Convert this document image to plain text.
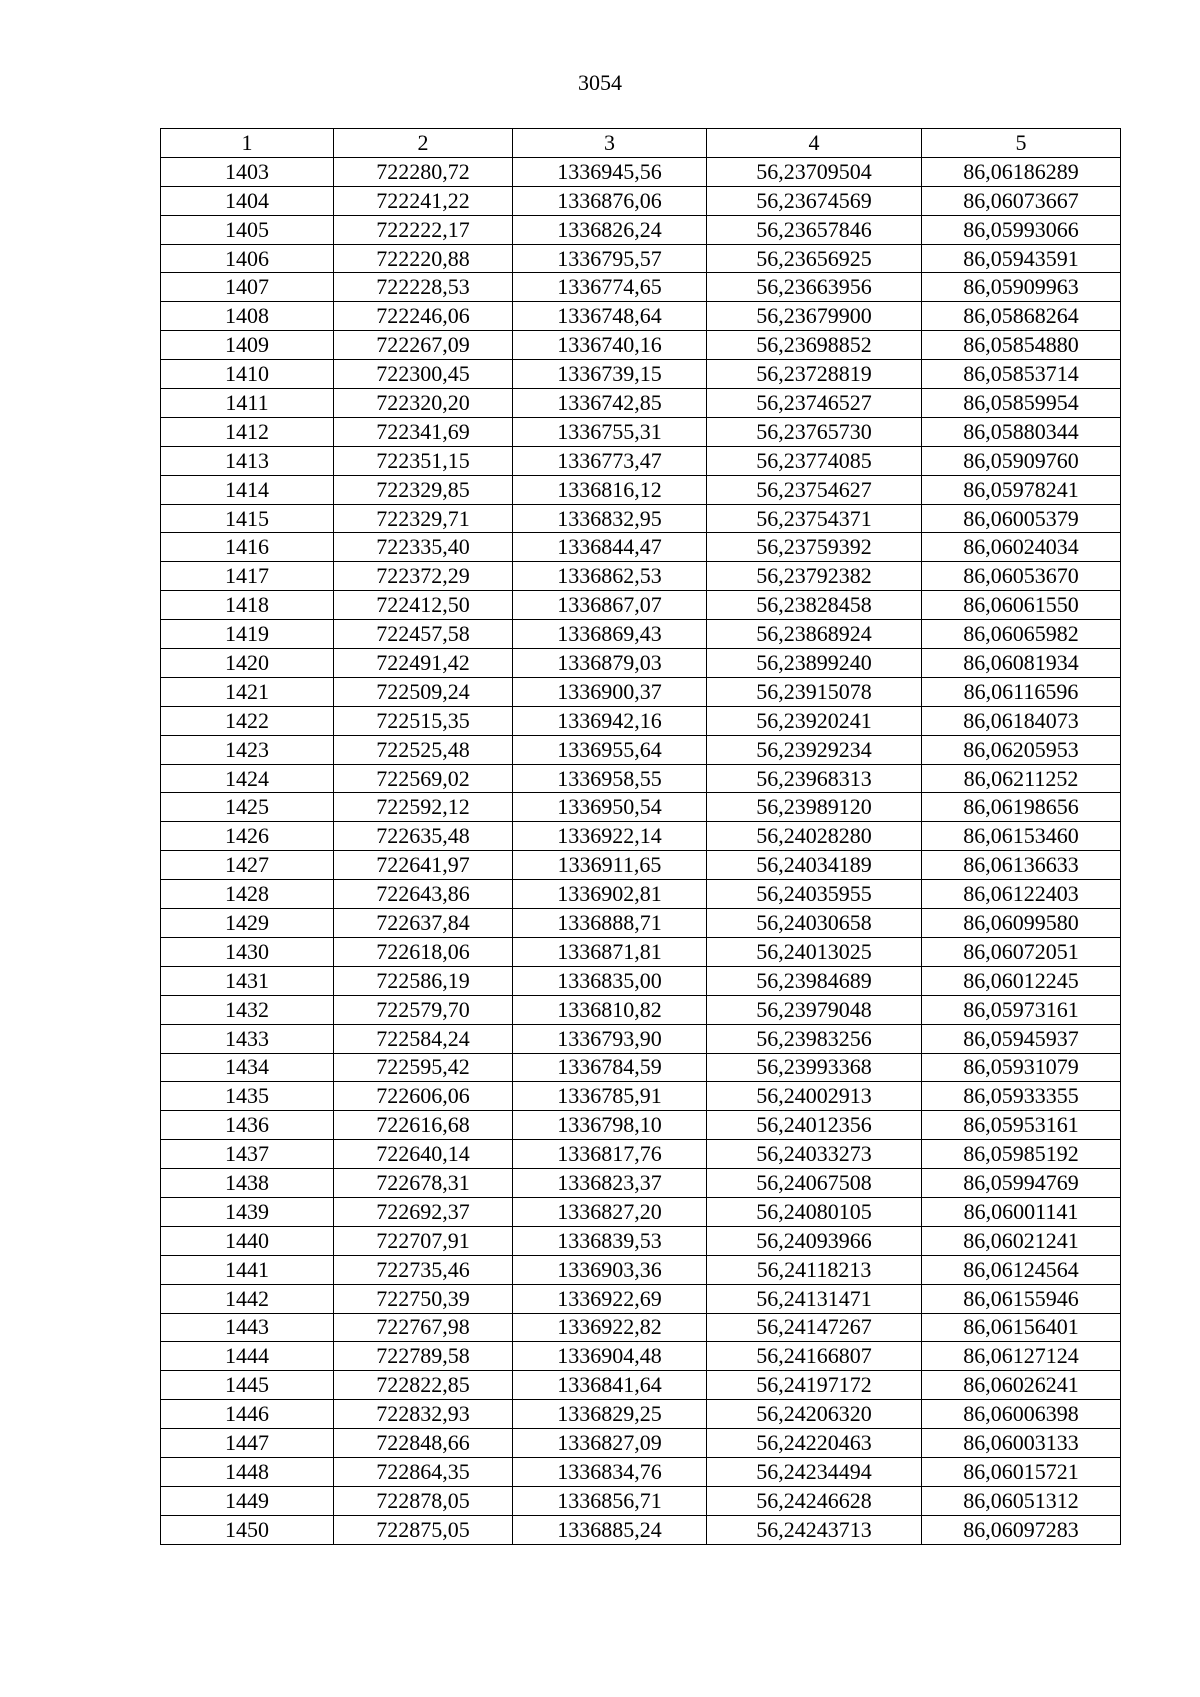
3054
1	2	3	4	5
1403	722280,72	1336945,56	56,23709504	86,06186289
1404	722241,22	1336876,06	56,23674569	86,06073667
1405	722222,17	1336826,24	56,23657846	86,05993066
1406	722220,88	1336795,57	56,23656925	86,05943591
1407	722228,53	1336774,65	56,23663956	86,05909963
1408	722246,06	1336748,64	56,23679900	86,05868264
1409	722267,09	1336740,16	56,23698852	86,05854880
1410	722300,45	1336739,15	56,23728819	86,05853714
1411	722320,20	1336742,85	56,23746527	86,05859954
1412	722341,69	1336755,31	56,23765730	86,05880344
1413	722351,15	1336773,47	56,23774085	86,05909760
1414	722329,85	1336816,12	56,23754627	86,05978241
1415	722329,71	1336832,95	56,23754371	86,06005379
1416	722335,40	1336844,47	56,23759392	86,06024034
1417	722372,29	1336862,53	56,23792382	86,06053670
1418	722412,50	1336867,07	56,23828458	86,06061550
1419	722457,58	1336869,43	56,23868924	86,06065982
1420	722491,42	1336879,03	56,23899240	86,06081934
1421	722509,24	1336900,37	56,23915078	86,06116596
1422	722515,35	1336942,16	56,23920241	86,06184073
1423	722525,48	1336955,64	56,23929234	86,06205953
1424	722569,02	1336958,55	56,23968313	86,06211252
1425	722592,12	1336950,54	56,23989120	86,06198656
1426	722635,48	1336922,14	56,24028280	86,06153460
1427	722641,97	1336911,65	56,24034189	86,06136633
1428	722643,86	1336902,81	56,24035955	86,06122403
1429	722637,84	1336888,71	56,24030658	86,06099580
1430	722618,06	1336871,81	56,24013025	86,06072051
1431	722586,19	1336835,00	56,23984689	86,06012245
1432	722579,70	1336810,82	56,23979048	86,05973161
1433	722584,24	1336793,90	56,23983256	86,05945937
1434	722595,42	1336784,59	56,23993368	86,05931079
1435	722606,06	1336785,91	56,24002913	86,05933355
1436	722616,68	1336798,10	56,24012356	86,05953161
1437	722640,14	1336817,76	56,24033273	86,05985192
1438	722678,31	1336823,37	56,24067508	86,05994769
1439	722692,37	1336827,20	56,24080105	86,06001141
1440	722707,91	1336839,53	56,24093966	86,06021241
1441	722735,46	1336903,36	56,24118213	86,06124564
1442	722750,39	1336922,69	56,24131471	86,06155946
1443	722767,98	1336922,82	56,24147267	86,06156401
1444	722789,58	1336904,48	56,24166807	86,06127124
1445	722822,85	1336841,64	56,24197172	86,06026241
1446	722832,93	1336829,25	56,24206320	86,06006398
1447	722848,66	1336827,09	56,24220463	86,06003133
1448	722864,35	1336834,76	56,24234494	86,06015721
1449	722878,05	1336856,71	56,24246628	86,06051312
1450	722875,05	1336885,24	56,24243713	86,06097283
